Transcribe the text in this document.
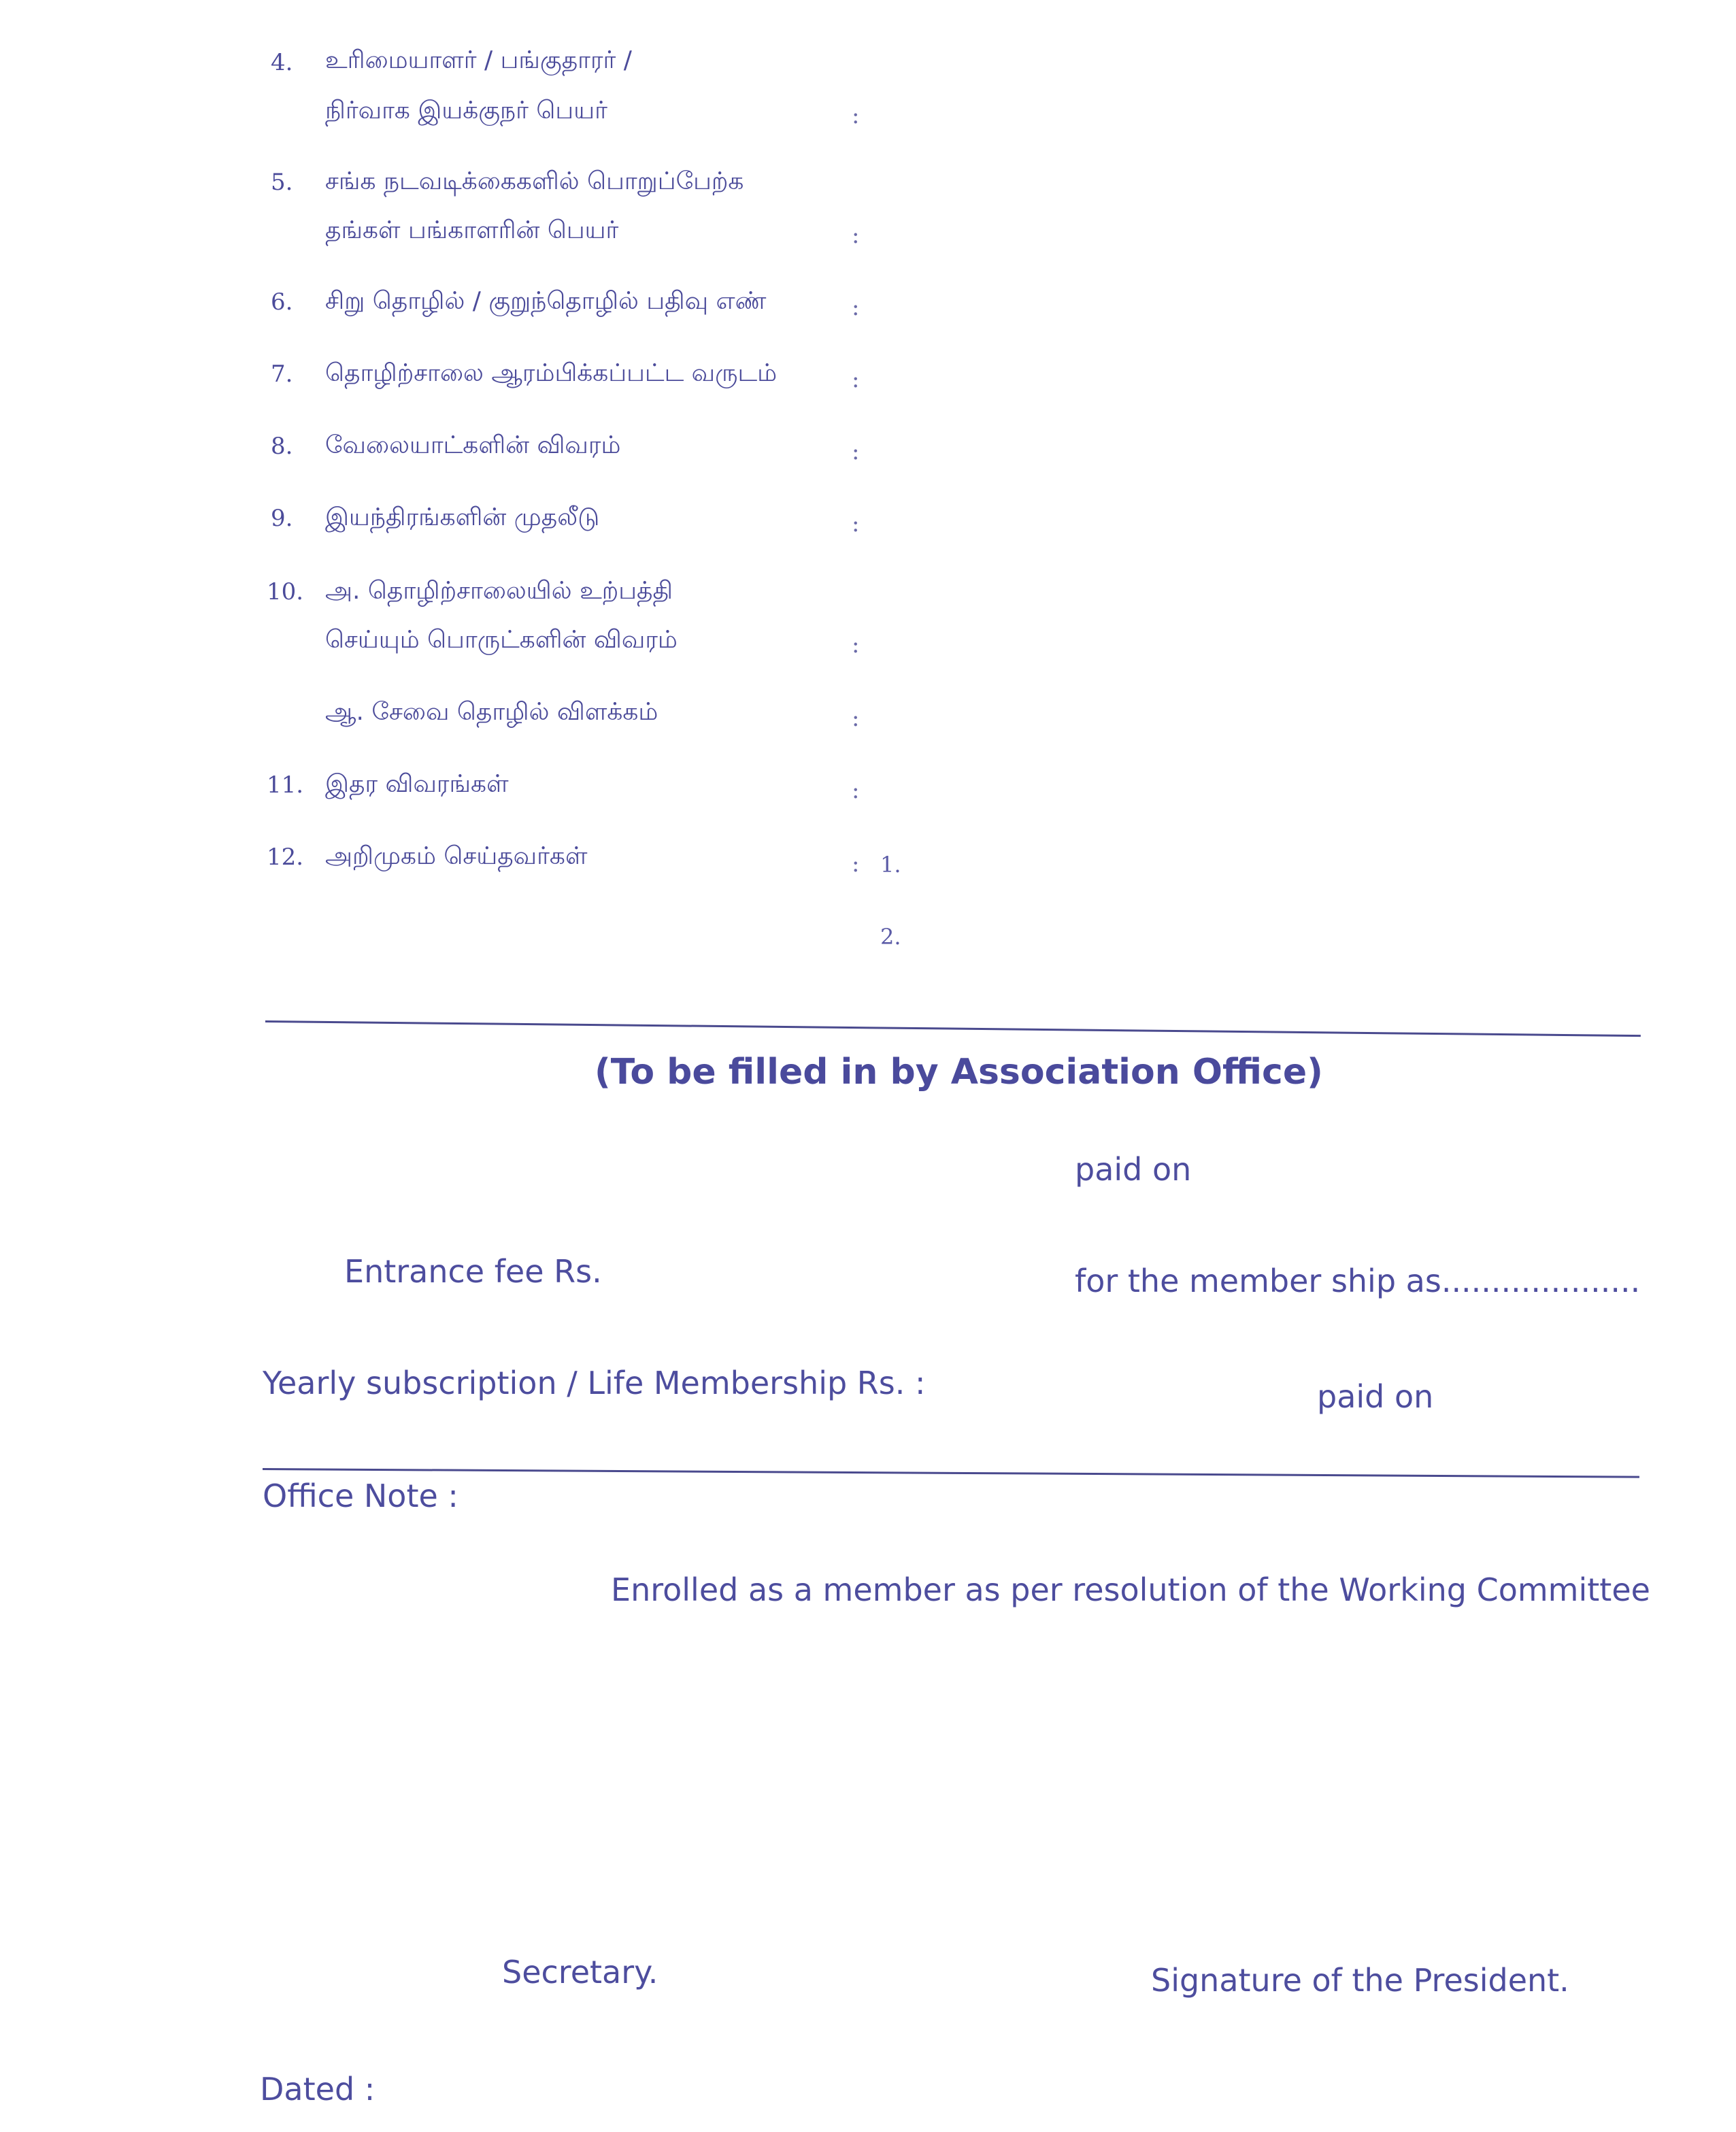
4. உரிமையாளர் / பங்குதாரர் /
நிர்வாக இயக்குநர் பெயர்	:
5. சங்க நடவடிக்கைகளில் பொறுப்பேற்க
தங்கள் பங்காளரின் பெயர்	:
6. சிறு தொழில் / குறுந்தொழில் பதிவு எண்	:
7. தொழிற்சாலை ஆரம்பிக்கப்பட்ட வருடம்	:
8. வேலையாட்களின் விவரம்	:
9. இயந்திரங்களின் முதலீடு	:
10. அ. தொழிற்சாலையில் உற்பத்தி
செய்யும் பொருட்களின் விவரம்	:
ஆ. சேவை தொழில் விளக்கம்	:
11. இதர விவரங்கள்	:
12. அறிமுகம் செய்தவர்கள்	: 1.
2.
(To be filled in by Association Office)
paid on
Entrance fee Rs.	for the member ship as....................
Yearly subscription / Life Membership Rs. :	paid on
Office Note :
Enrolled as a member as per resolution of the Working Committee
Secretary.	Signature of the President.
Dated :
